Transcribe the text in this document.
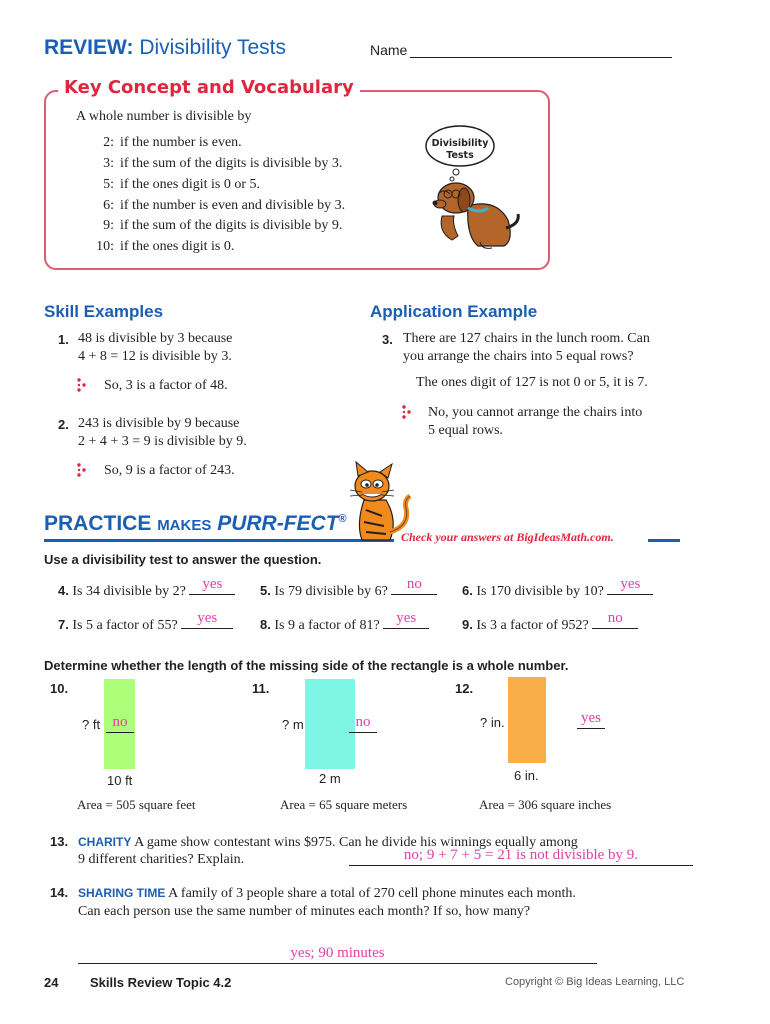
REVIEW: Divisibility Tests	Name
Key Concept and Vocabulary
A whole number is divisible by
2: if the number is even.
3: if the sum of the digits is divisible by 3.
5: if the ones digit is 0 or 5.
6: if the number is even and divisible by 3.
9: if the sum of the digits is divisible by 9.
10: if the ones digit is 0.
Divisibility
Tests
Skill Examples
1. 48 is divisible by 3 because
4 + 8 = 12 is divisible by 3.
So, 3 is a factor of 48.
2. 243 is divisible by 9 because
2 + 4 + 3 = 9 is divisible by 9.
So, 9 is a factor of 243.
Application Example
3. There are 127 chairs in the lunch room. Can
you arrange the chairs into 5 equal rows?
The ones digit of 127 is not 0 or 5, it is 7.
No, you cannot arrange the chairs into
5 equal rows.
PRACTICE MAKES PURR-FECT®
Check your answers at BigIdeasMath.com.
Use a divisibility test to answer the question.
4. Is 34 divisible by 2?	yes	5. Is 79 divisible by 6?	no	6. Is 170 divisible by 10?	yes
7. Is 5 a factor of 55?	yes	8. Is 9 a factor of 81?	yes	9. Is 3 a factor of 952?	no
Determine whether the length of the missing side of the rectangle is a whole number.
10.
? ft no

10 ft
Area = 505 square feet
11.
? m	no

2 m
Area = 65 square meters
12.
? in.	yes

6 in.
Area = 306 square inches
13. CHARITY A game show contestant wins $975. Can he divide his winnings equally among
9 different charities? Explain.	no; 9 + 7 + 5 = 21 is not divisible by 9.

14. SHARING TIME A family of 3 people share a total of 270 cell phone minutes each month.
Can each person use the same number of minutes each month? If so, how many?
yes; 90 minutes
24 Skills Review Topic 4.2	Copyright © Big Ideas Learning, LLC
